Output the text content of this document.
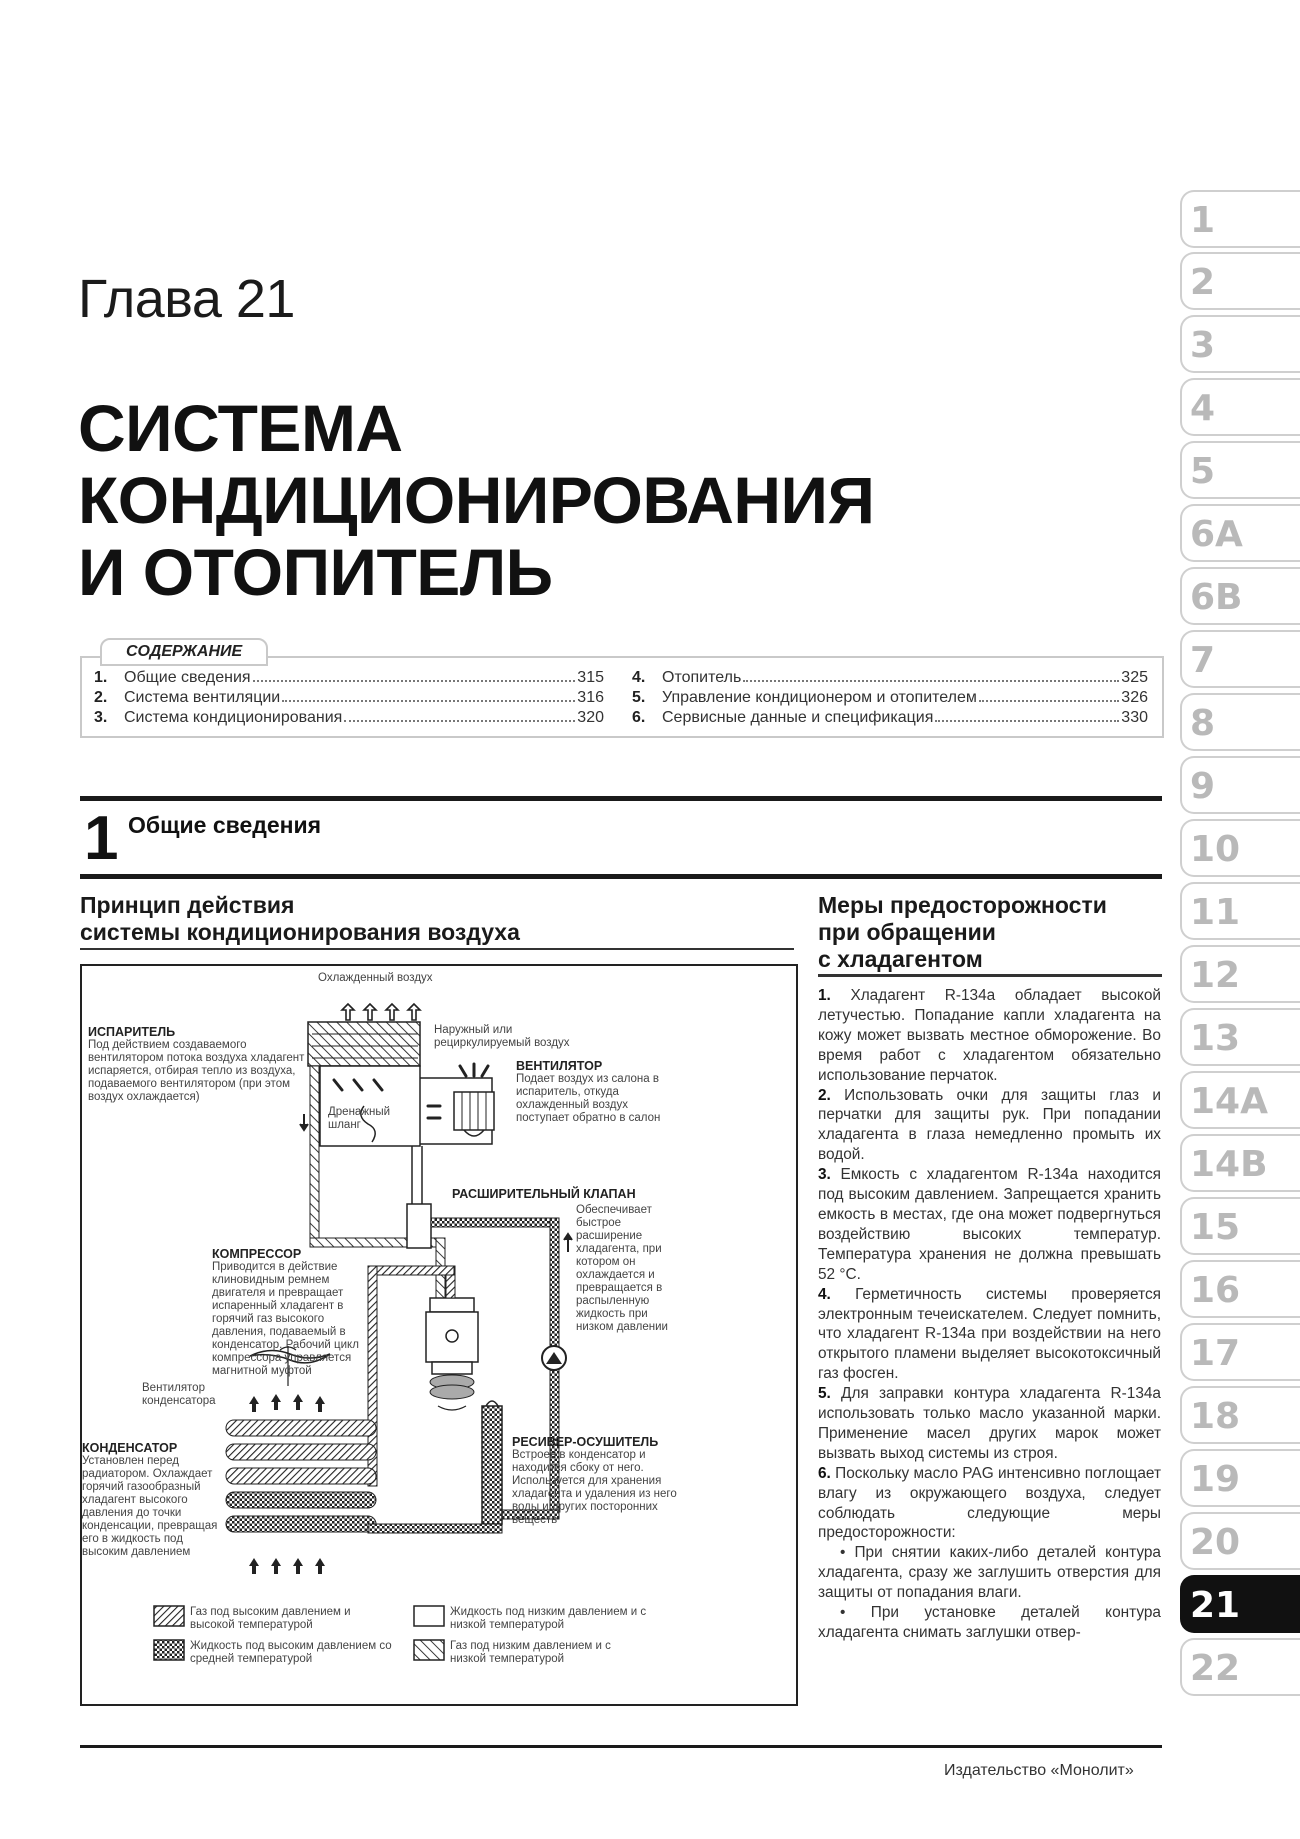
Глава 21
СИСТЕМА
КОНДИЦИОНИРОВАНИЯ
И ОТОПИТЕЛЬ
1.	Общие сведения	315
2.	Система вентиляции	316
3.	Система кондиционирования	320
4.	Отопитель	325
5.	Управление кондиционером и отопителем	326
6.	Сервисные данные и спецификация	330
СОДЕРЖАНИЕ
1 Общие сведения
Принцип действия
системы кондиционирования воздуха
Охлажденный воздух
Наружный или рециркулируемый воздух
ИСПАРИТЕЛЬ
Под действием создаваемого вентилятором потока воздуха хладагент испаряется, отбирая тепло из воздуха, подаваемого вентилятором (при этом воздух охлаждается)
ВЕНТИЛЯТОР
Подает воздух из салона в испаритель, откуда охлажденный воздух поступает обратно в салон
Дренажный шланг
РАСШИРИТЕЛЬНЫЙ КЛАПАН
Обеспечивает быстрое расширение хладагента, при котором он охлаждается и превращается в распыленную жидкость при низком давлении
КОМПРЕССОР
Приводится в действие клиновидным ремнем двигателя и превращает испаренный хладагент в горячий газ высокого давления, подаваемый в конденсатор. Рабочий цикл компрессора управляется магнитной муфтой
Вентилятор конденсатора
КОНДЕНСАТОР
Установлен перед радиатором. Охлаждает горячий газообразный хладагент высокого давления до точки конденсации, превращая его в жидкость под высоким давлением
РЕСИВЕР-ОСУШИТЕЛЬ
Встроен в конденсатор и находится сбоку от него. Используется для хранения хладагента и удаления из него воды и других посторонних веществ
Газ под высоким давлением и высокой температурой
Жидкость под высоким давлением со средней температурой
Жидкость под низким давлением и с низкой температурой
Газ под низким давлением и с низкой температурой
Меры предосторожности
при обращении
с хладагентом

1. Хладагент R-134a обладает высокой летучестью. Попадание капли хладагента на кожу может вызвать местное обморожение. Во время работ с хладагентом обязательно использование перчаток.

2. Использовать очки для защиты глаз и перчатки для защиты рук. При попадании хладагента в глаза немедленно промыть их водой.

3. Емкость с хладагентом R-134a находится под высоким давлением. Запрещается хранить емкость в местах, где она может подвергнуться воздействию высоких температур. Температура хранения не должна превышать 52 °C.

4. Герметичность системы проверяется электронным течеискателем. Следует помнить, что хладагент R-134a при воздействии на него открытого пламени выделяет высокотоксичный газ фосген.

5. Для заправки контура хладагента R-134a использовать только масло указанной марки. Применение масел других марок может вызвать выход системы из строя.

6. Поскольку масло PAG интенсивно поглощает влагу из окружающего воздуха, следует соблюдать следующие меры предосторожности:

• При снятии каких-либо деталей контура хладагента, сразу же заглушить отверстия для защиты от попадания влаги.

• При установке деталей контура хладагента снимать заглушки отвер-

Издательство «Монолит»
1
2
3
4
5
6A
6B
7
8
9
10
11
12
13
14A
14B
15
16
17
18
19
20
21
22
